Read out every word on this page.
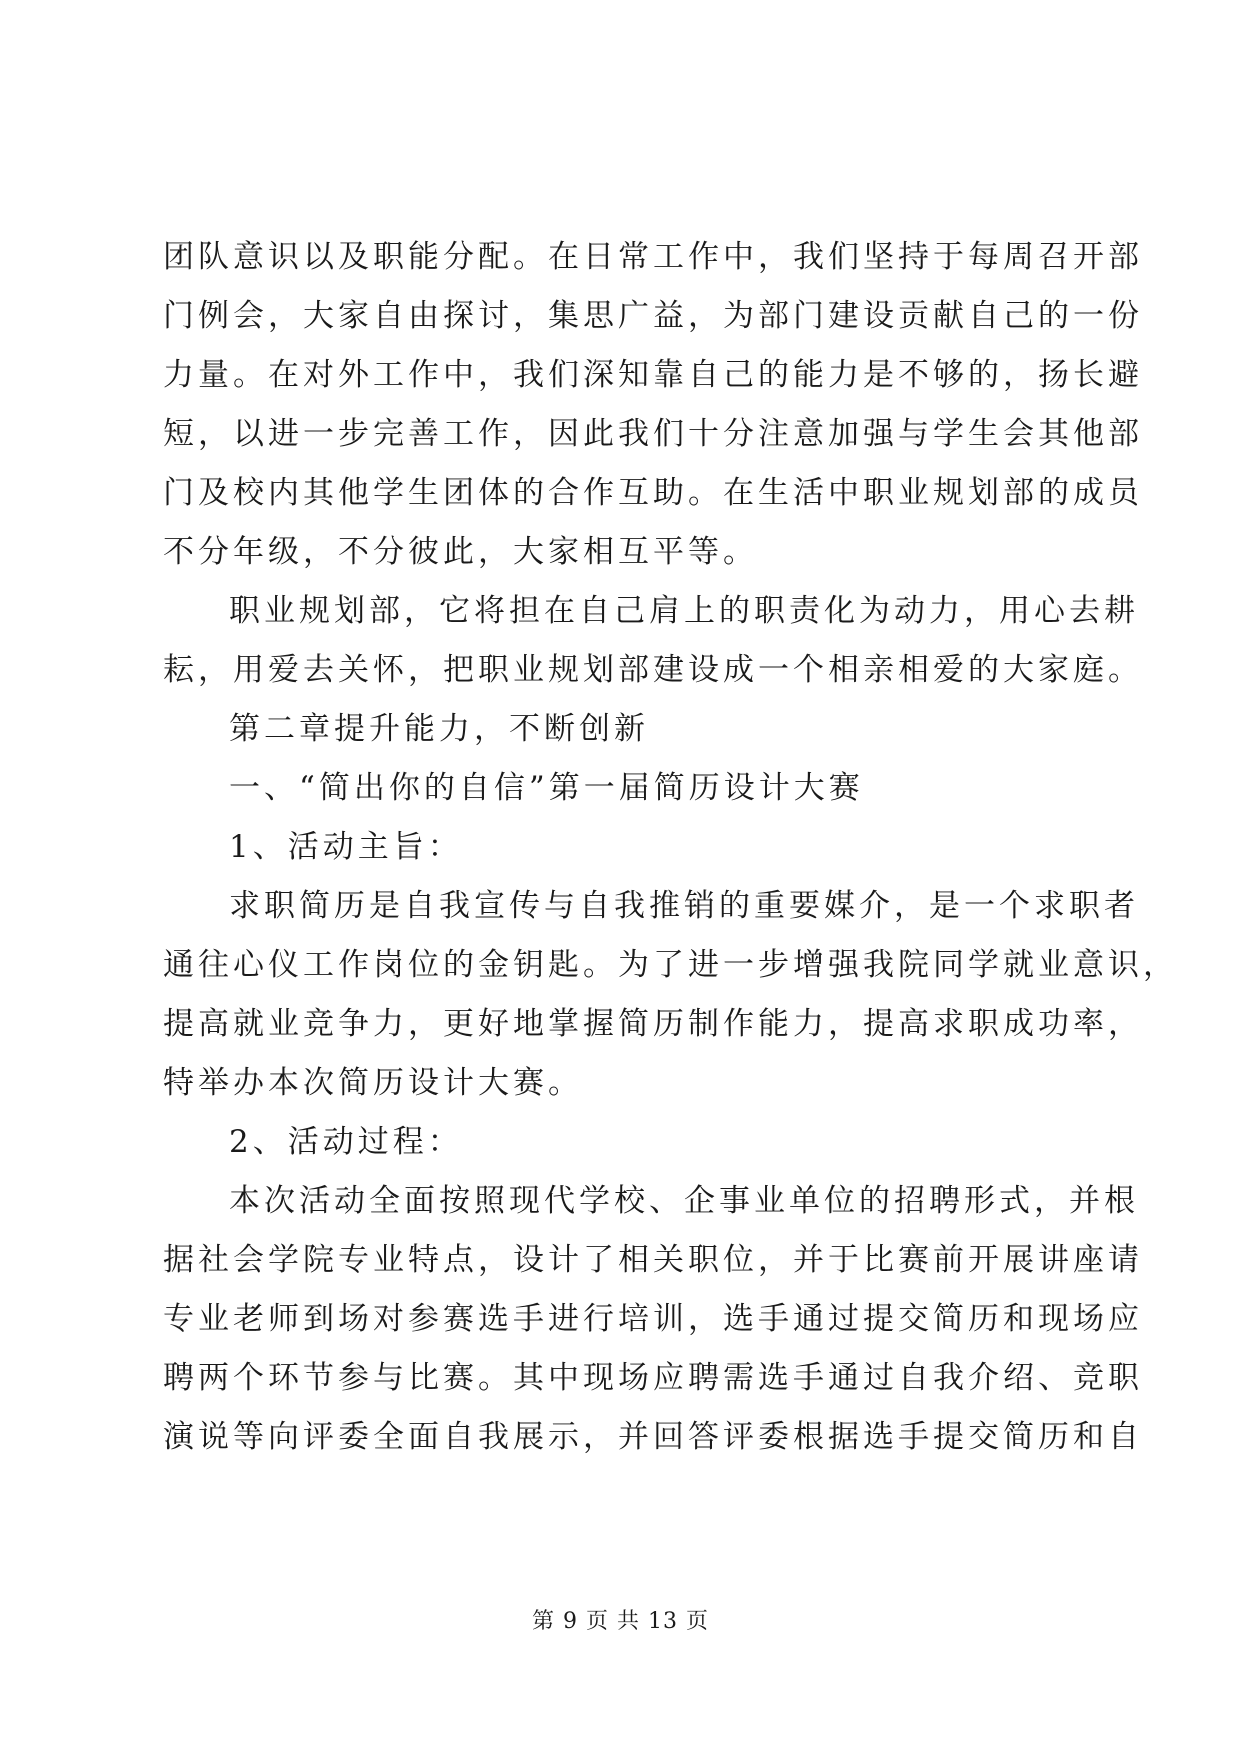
团队意识以及职能分配。在日常工作中，我们坚持于每周召开部

门例会，大家自由探讨，集思广益，为部门建设贡献自己的一份

力量。在对外工作中，我们深知靠自己的能力是不够的，扬长避

短，以进一步完善工作，因此我们十分注意加强与学生会其他部

门及校内其他学生团体的合作互助。在生活中职业规划部的成员

不分年级，不分彼此，大家相互平等。

职业规划部，它将担在自己肩上的职责化为动力，用心去耕

耘，用爱去关怀，把职业规划部建设成一个相亲相爱的大家庭。

第二章提升能力，不断创新

一、“简出你的自信”第一届简历设计大赛

1、活动主旨：

求职简历是自我宣传与自我推销的重要媒介，是一个求职者

通往心仪工作岗位的金钥匙。为了进一步增强我院同学就业意识，

提高就业竞争力，更好地掌握简历制作能力，提高求职成功率，

特举办本次简历设计大赛。

2、活动过程：

本次活动全面按照现代学校、企事业单位的招聘形式，并根

据社会学院专业特点，设计了相关职位，并于比赛前开展讲座请

专业老师到场对参赛选手进行培训，选手通过提交简历和现场应

聘两个环节参与比赛。其中现场应聘需选手通过自我介绍、竞职

演说等向评委全面自我展示，并回答评委根据选手提交简历和自

第 9 页 共 13 页
